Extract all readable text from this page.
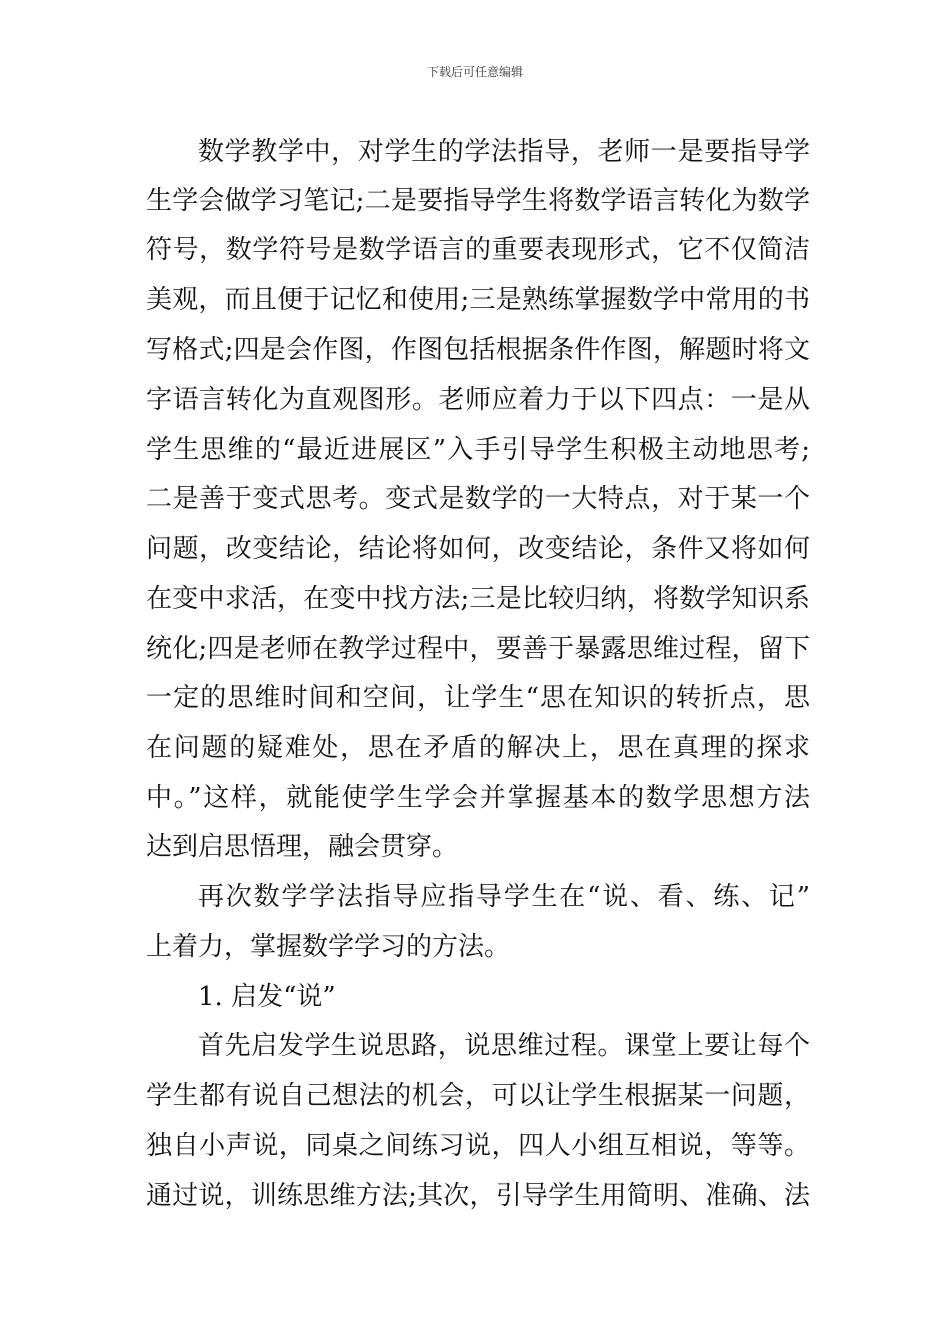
下载后可任意编辑
数学教学中，对学生的学法指导，老师一是要指导学
生学会做学习笔记;二是要指导学生将数学语言转化为数学
符号，数学符号是数学语言的重要表现形式，它不仅简洁
美观，而且便于记忆和使用;三是熟练掌握数学中常用的书
写格式;四是会作图，作图包括根据条件作图，解题时将文
字语言转化为直观图形。老师应着力于以下四点：一是从
学生思维的“最近进展区”入手引导学生积极主动地思考;
二是善于变式思考。变式是数学的一大特点，对于某一个
问题，改变结论，结论将如何，改变结论，条件又将如何
在变中求活，在变中找方法;三是比较归纳，将数学知识系
统化;四是老师在教学过程中，要善于暴露思维过程，留下
一定的思维时间和空间，让学生“思在知识的转折点，思
在问题的疑难处，思在矛盾的解决上，思在真理的探求
中。”这样，就能使学生学会并掌握基本的数学思想方法
达到启思悟理，融会贯穿。
再次数学学法指导应指导学生在“说、看、练、记”
上着力，掌握数学学习的方法。
1. 启发“说”
首先启发学生说思路，说思维过程。课堂上要让每个
学生都有说自己想法的机会，可以让学生根据某一问题，
独自小声说，同桌之间练习说，四人小组互相说，等等。
通过说，训练思维方法;其次，引导学生用简明、准确、法
